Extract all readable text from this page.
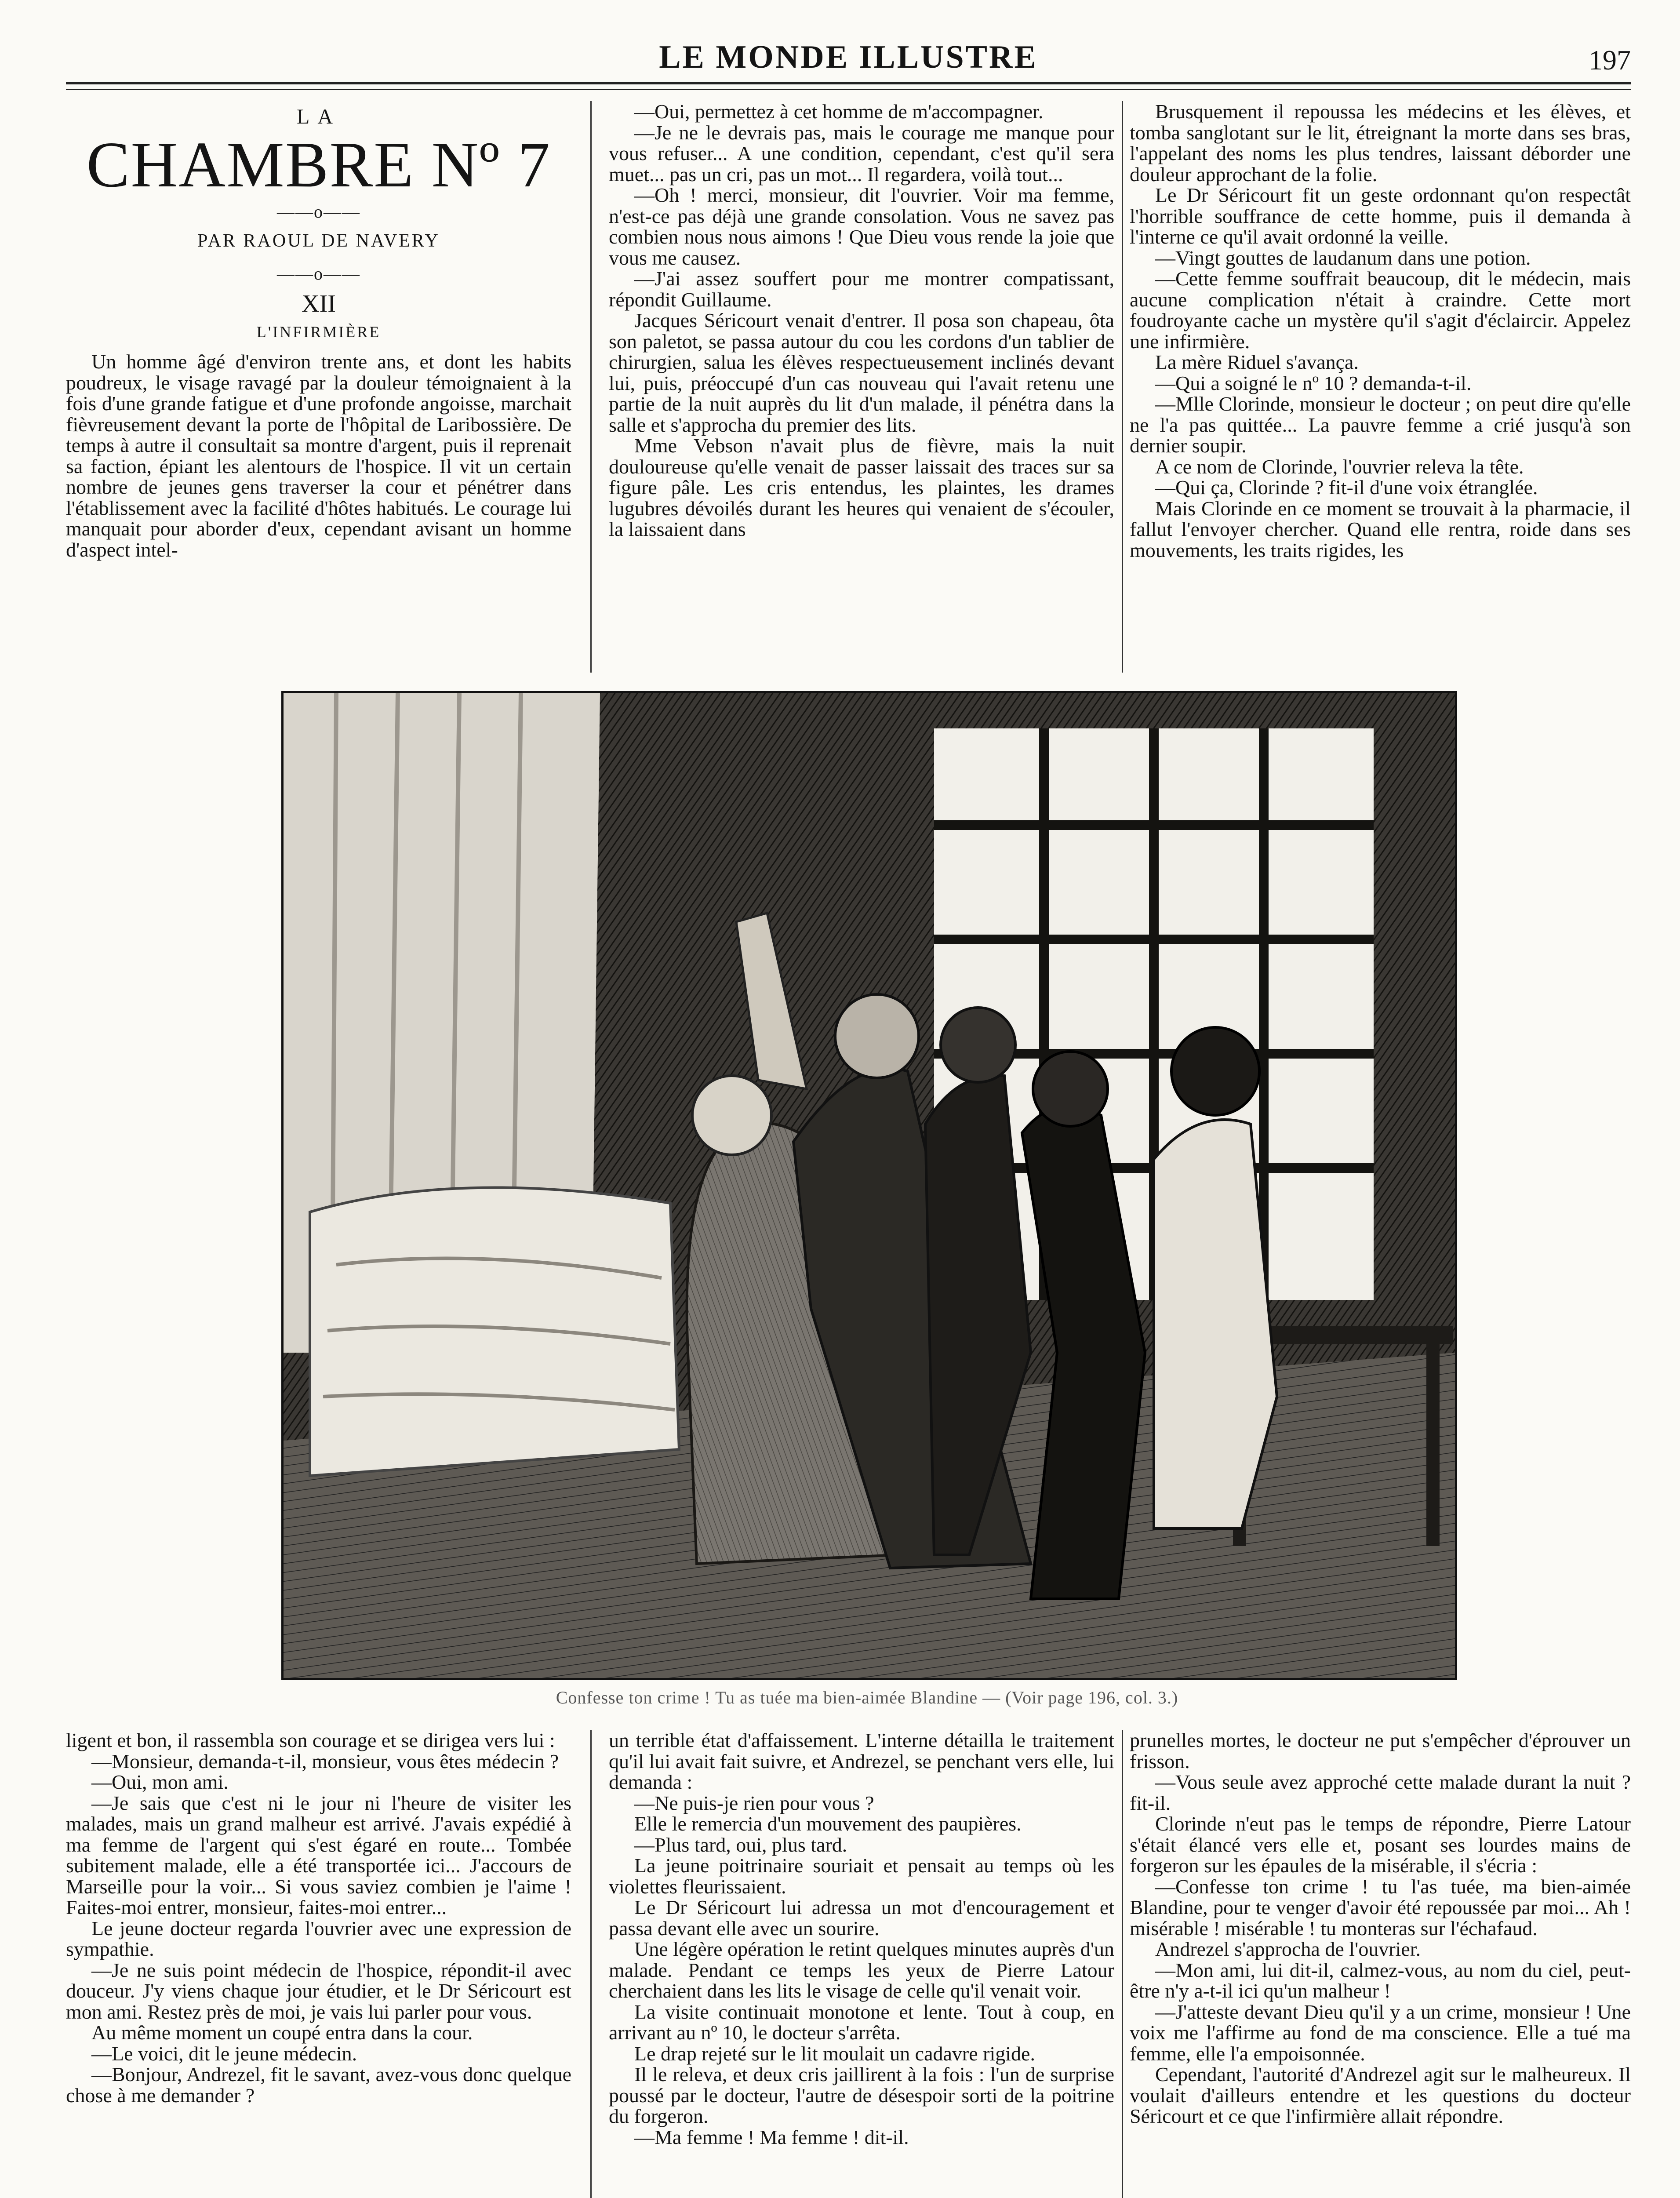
LE MONDE ILLUSTRE	197
LA
CHAMBRE Nº 7
——o——
PAR RAOUL DE NAVERY
——o——
XII
L'INFIRMIÈRE

Un homme âgé d'environ trente ans, et dont les habits poudreux, le visage ravagé par la douleur témoignaient à la fois d'une grande fatigue et d'une profonde angoisse, marchait fièvreusement devant la porte de l'hôpital de Laribossière. De temps à autre il consultait sa montre d'argent, puis il reprenait sa faction, épiant les alentours de l'hospice. Il vit un certain nombre de jeunes gens traverser la cour et pénétrer dans l'établissement avec la facilité d'hôtes habitués. Le courage lui manquait pour aborder d'eux, cependant avisant un homme d'aspect intel-

—Oui, permettez à cet homme de m'accompagner.

—Je ne le devrais pas, mais le courage me manque pour vous refuser... A une condition, cependant, c'est qu'il sera muet... pas un cri, pas un mot... Il regardera, voilà tout...

—Oh ! merci, monsieur, dit l'ouvrier. Voir ma femme, n'est-ce pas déjà une grande consolation. Vous ne savez pas combien nous nous aimons ! Que Dieu vous rende la joie que vous me causez.

—J'ai assez souffert pour me montrer compatissant, répondit Guillaume.

Jacques Séricourt venait d'entrer. Il posa son chapeau, ôta son paletot, se passa autour du cou les cordons d'un tablier de chirurgien, salua les élèves respectueusement inclinés devant lui, puis, préoccupé d'un cas nouveau qui l'avait retenu une partie de la nuit auprès du lit d'un malade, il pénétra dans la salle et s'approcha du premier des lits.

Mme Vebson n'avait plus de fièvre, mais la nuit douloureuse qu'elle venait de passer laissait des traces sur sa figure pâle. Les cris entendus, les plaintes, les drames lugubres dévoilés durant les heures qui venaient de s'écouler, la laissaient dans

Brusquement il repoussa les médecins et les élèves, et tomba sanglotant sur le lit, étreignant la morte dans ses bras, l'appelant des noms les plus tendres, laissant déborder une douleur approchant de la folie.

Le Dr Séricourt fit un geste ordonnant qu'on respectât l'horrible souffrance de cette homme, puis il demanda à l'interne ce qu'il avait ordonné la veille.

—Vingt gouttes de laudanum dans une potion.

—Cette femme souffrait beaucoup, dit le médecin, mais aucune complication n'était à craindre. Cette mort foudroyante cache un mystère qu'il s'agit d'éclaircir. Appelez une infirmière.

La mère Riduel s'avança.

—Qui a soigné le nº 10 ? demanda-t-il.

—Mlle Clorinde, monsieur le docteur ; on peut dire qu'elle ne l'a pas quittée... La pauvre femme a crié jusqu'à son dernier soupir.

A ce nom de Clorinde, l'ouvrier releva la tête.

—Qui ça, Clorinde ? fit-il d'une voix étranglée.

Mais Clorinde en ce moment se trouvait à la pharmacie, il fallut l'envoyer chercher. Quand elle rentra, roide dans ses mouvements, les traits rigides, les

Confesse ton crime ! Tu as tuée ma bien-aimée Blandine — (Voir page 196, col. 3.)

ligent et bon, il rassembla son courage et se dirigea vers lui :

—Monsieur, demanda-t-il, monsieur, vous êtes médecin ?

—Oui, mon ami.

—Je sais que c'est ni le jour ni l'heure de visiter les malades, mais un grand malheur est arrivé. J'avais expédié à ma femme de l'argent qui s'est égaré en route... Tombée subitement malade, elle a été transportée ici... J'accours de Marseille pour la voir... Si vous saviez combien je l'aime ! Faites-moi entrer, monsieur, faites-moi entrer...

Le jeune docteur regarda l'ouvrier avec une expression de sympathie.

—Je ne suis point médecin de l'hospice, répondit-il avec douceur. J'y viens chaque jour étudier, et le Dr Séricourt est mon ami. Restez près de moi, je vais lui parler pour vous.

Au même moment un coupé entra dans la cour.

—Le voici, dit le jeune médecin.

—Bonjour, Andrezel, fit le savant, avez-vous donc quelque chose à me demander ?

un terrible état d'affaissement. L'interne détailla le traitement qu'il lui avait fait suivre, et Andrezel, se penchant vers elle, lui demanda :

—Ne puis-je rien pour vous ?

Elle le remercia d'un mouvement des paupières.

—Plus tard, oui, plus tard.

La jeune poitrinaire souriait et pensait au temps où les violettes fleurissaient.

Le Dr Séricourt lui adressa un mot d'encouragement et passa devant elle avec un sourire.

Une légère opération le retint quelques minutes auprès d'un malade. Pendant ce temps les yeux de Pierre Latour cherchaient dans les lits le visage de celle qu'il venait voir.

La visite continuait monotone et lente. Tout à coup, en arrivant au nº 10, le docteur s'arrêta.

Le drap rejeté sur le lit moulait un cadavre rigide.

Il le releva, et deux cris jaillirent à la fois : l'un de surprise poussé par le docteur, l'autre de désespoir sorti de la poitrine du forgeron.

—Ma femme ! Ma femme ! dit-il.

prunelles mortes, le docteur ne put s'empêcher d'éprouver un frisson.

—Vous seule avez approché cette malade durant la nuit ? fit-il.

Clorinde n'eut pas le temps de répondre, Pierre Latour s'était élancé vers elle et, posant ses lourdes mains de forgeron sur les épaules de la misérable, il s'écria :

—Confesse ton crime ! tu l'as tuée, ma bien-aimée Blandine, pour te venger d'avoir été repoussée par moi... Ah ! misérable ! misérable ! tu monteras sur l'échafaud.

Andrezel s'approcha de l'ouvrier.

—Mon ami, lui dit-il, calmez-vous, au nom du ciel, peut-être n'y a-t-il ici qu'un malheur !

—J'atteste devant Dieu qu'il y a un crime, monsieur ! Une voix me l'affirme au fond de ma conscience. Elle a tué ma femme, elle l'a empoisonnée.

Cependant, l'autorité d'Andrezel agit sur le malheureux. Il voulait d'ailleurs entendre et les questions du docteur Séricourt et ce que l'infirmière allait répondre.
